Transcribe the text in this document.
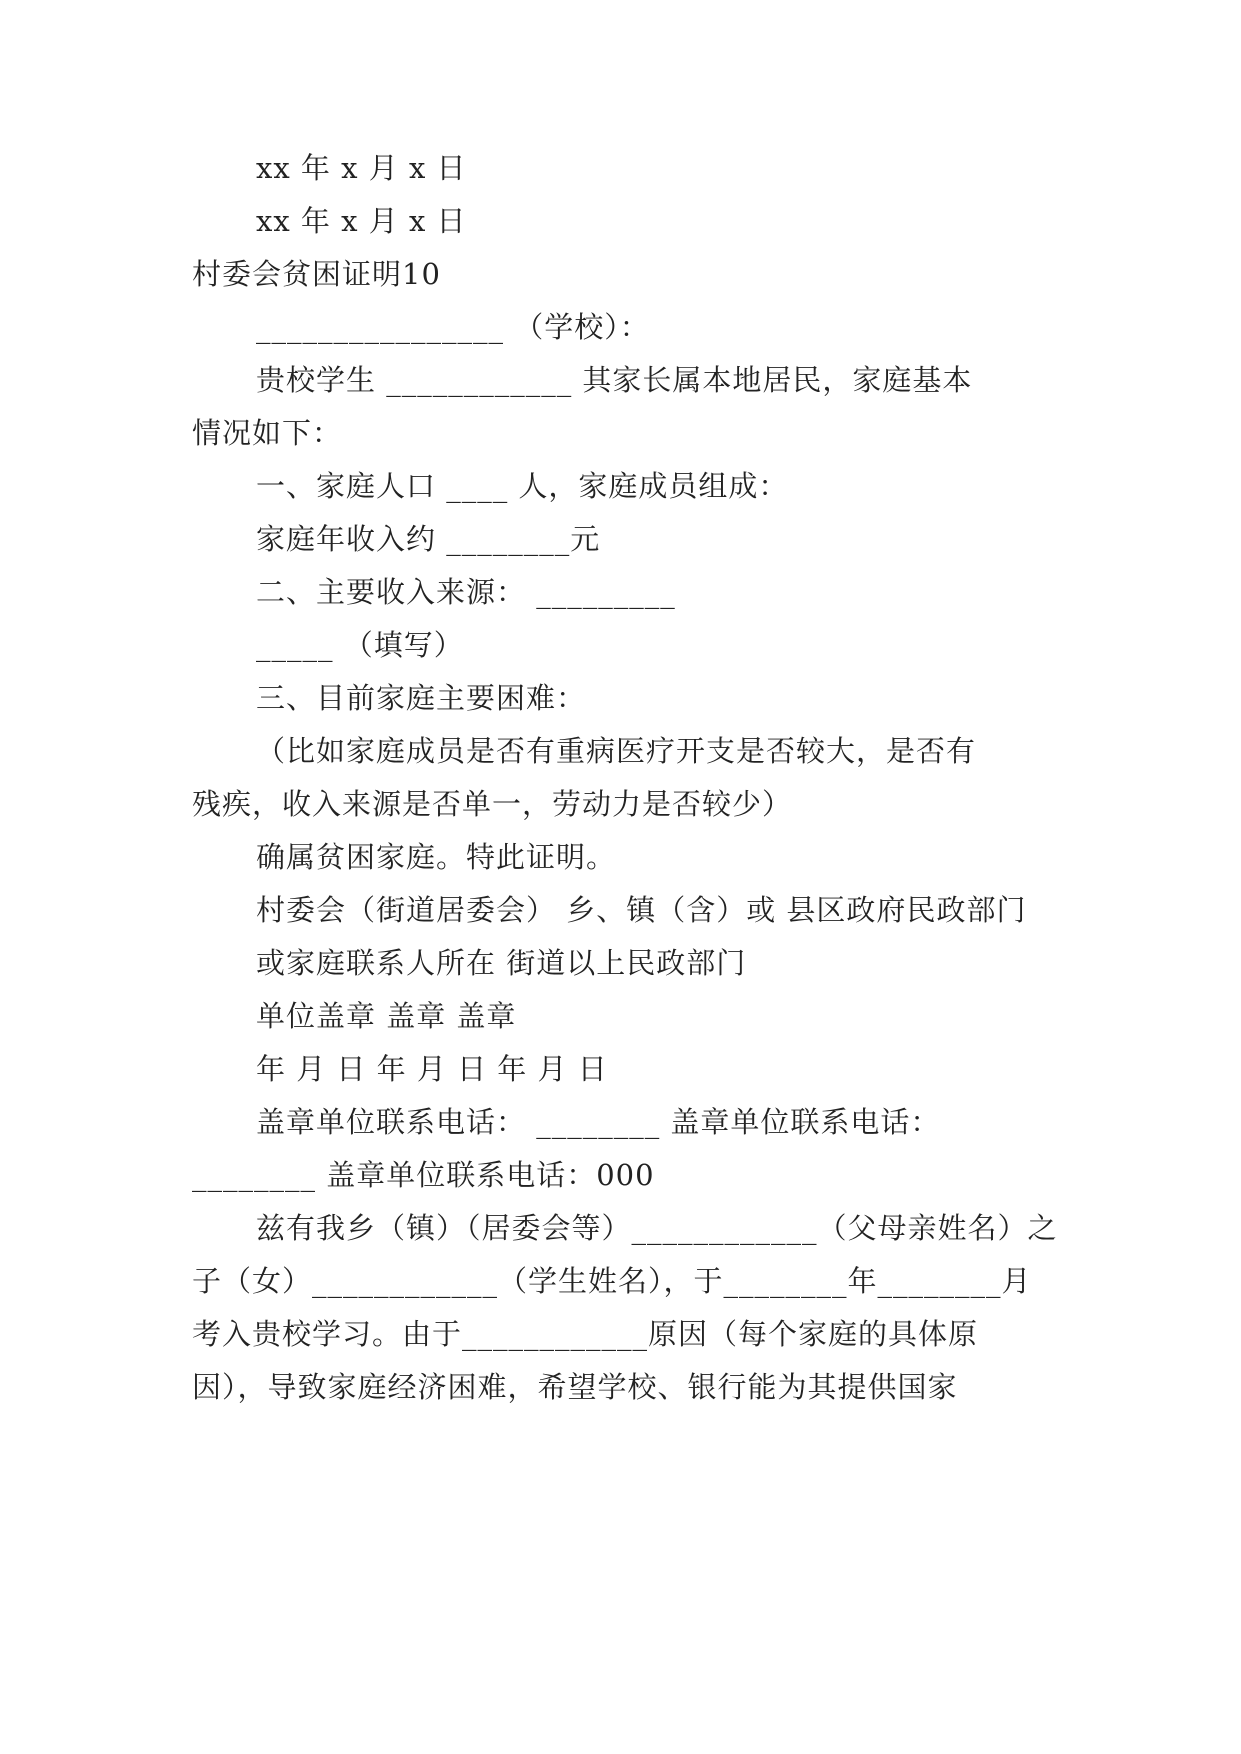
xx 年 x 月 x 日
xx 年 x 月 x 日
村委会贫困证明10
________________ （学校）：
贵校学生 ____________ 其家长属本地居民，家庭基本
情况如下：
一、家庭人口 ____ 人，家庭成员组成：
家庭年收入约 ________元
二、主要收入来源： _________
_____ （填写）
三、目前家庭主要困难：
（比如家庭成员是否有重病医疗开支是否较大，是否有
残疾，收入来源是否单一，劳动力是否较少）
确属贫困家庭。特此证明。
村委会（街道居委会） 乡、镇（含）或 县区政府民政部门
或家庭联系人所在 街道以上民政部门
单位盖章 盖章 盖章
年 月 日 年 月 日 年 月 日
盖章单位联系电话： ________ 盖章单位联系电话：
________ 盖章单位联系电话：000
兹有我乡（镇）（居委会等）____________（父母亲姓名）之
子（女）____________（学生姓名），于________年________月
考入贵校学习。由于____________原因（每个家庭的具体原
因），导致家庭经济困难，希望学校、银行能为其提供国家
